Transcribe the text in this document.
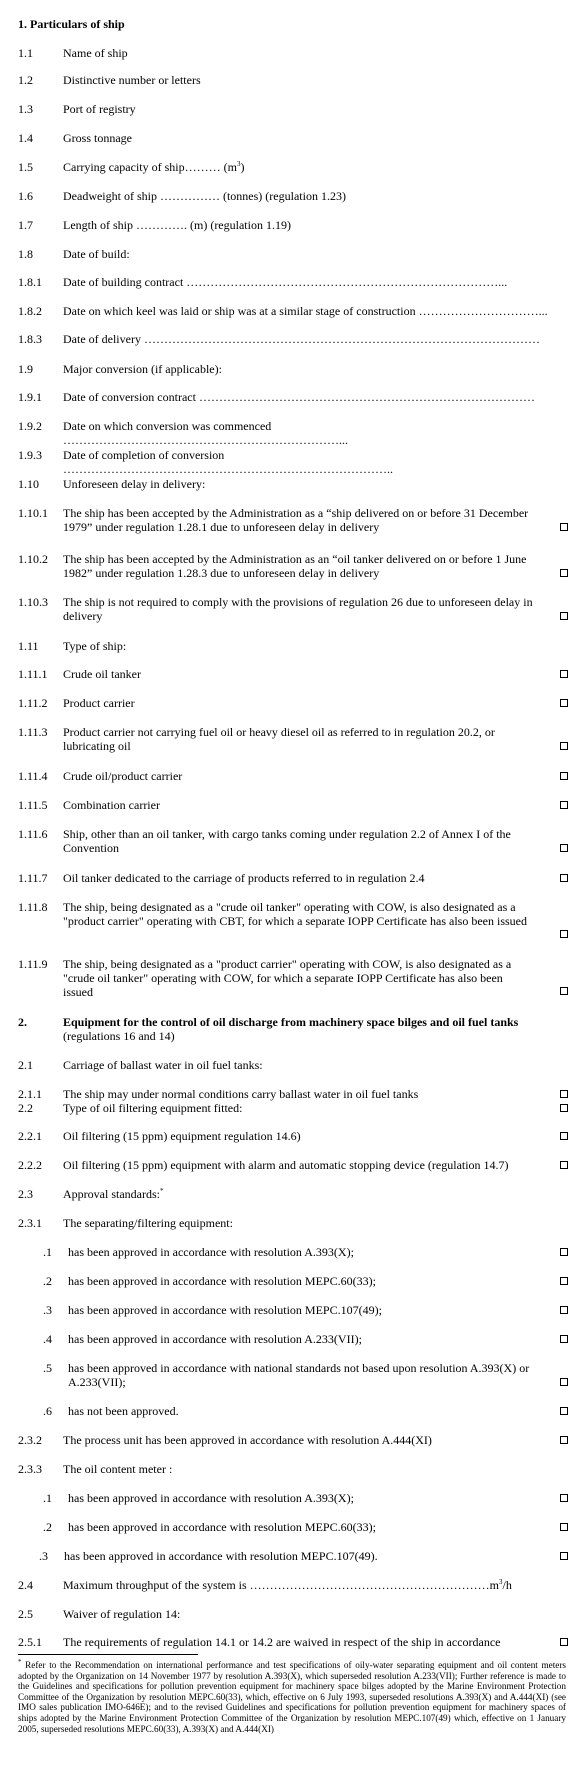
1. Particulars of ship
1.1	Name of ship
1.2	Distinctive number or letters
1.3	Port of registry
1.4	Gross tonnage
1.5	Carrying capacity of ship……… $(m^3)$
1.6	Deadweight of ship …………… (tonnes) (regulation 1.23)
1.7	Length of ship …………. (m) (regulation 1.19)
1.8	Date of build:
1.8.1 Date of building contract ……………………………………………………………………...
1.8.2 Date on which keel was laid or ship was at a similar stage of construction …………………………...
1.8.3 Date of delivery ………………………………………………………………………………………
1.9	Major conversion (if applicable):
1.9.1 Date of conversion contract …………………………………………………………………………
1.9.2 Date on which conversion was commenced ……………………………………………………………...
1.9.3 Date of completion of conversion ………………………………………………………………………..
1.10 Unforeseen delay in delivery:
1.10.1 The ship has been accepted by the Administration as a “ship delivered on or before 31 December 1979” under regulation 1.28.1 due to unforeseen delay in delivery
1.10.2 The ship has been accepted by the Administration as an “oil tanker delivered on or before 1 June 1982” under regulation 1.28.3 due to unforeseen delay in delivery
1.10.3 The ship is not required to comply with the provisions of regulation 26 due to unforeseen delay in delivery
1.11 Type of ship:
1.11.1 Crude oil tanker
1.11.2 Product carrier
1.11.3 Product carrier not carrying fuel oil or heavy diesel oil as referred to in regulation 20.2, or lubricating oil
1.11.4 Crude oil/product carrier
1.11.5 Combination carrier
1.11.6 Ship, other than an oil tanker, with cargo tanks coming under regulation 2.2 of Annex I of the Convention
1.11.7 Oil tanker dedicated to the carriage of products referred to in regulation 2.4
1.11.8 The ship, being designated as a "crude oil tanker" operating with COW, is also designated as a "product carrier" operating with CBT, for which a separate IOPP Certificate has also been issued
1.11.9 The ship, being designated as a "product carrier" operating with COW, is also designated as a "crude oil tanker" operating with COW, for which a separate IOPP Certificate has also been issued
2.	Equipment for the control of oil discharge from machinery space bilges and oil fuel tanks
(regulations 16 and 14)
2.1	Carriage of ballast water in oil fuel tanks:
2.1.1 The ship may under normal conditions carry ballast water in oil fuel tanks
2.2	Type of oil filtering equipment fitted:
2.2.1 Oil filtering (15 ppm) equipment regulation 14.6)
2.2.2 Oil filtering (15 ppm) equipment with alarm and automatic stopping device (regulation 14.7)
2.3	Approval standards:*
2.3.1 The separating/filtering equipment:
.1 has been approved in accordance with resolution A.393(X);
.2 has been approved in accordance with resolution MEPC.60(33);
.3 has been approved in accordance with resolution MEPC.107(49);
.4 has been approved in accordance with resolution A.233(VII);
.5 has been approved in accordance with national standards not based upon resolution A.393(X) or A.233(VII);
.6 has not been approved.
2.3.2 The process unit has been approved in accordance with resolution A.444(XI)
2.3.3 The oil content meter :
.1 has been approved in accordance with resolution A.393(X);
.2 has been approved in accordance with resolution MEPC.60(33);
.3 has been approved in accordance with resolution MEPC.107(49).
2.4	Maximum throughput of the system is $\dots\dots\dots\dots\dots\dots\dots\dots\dots\dots\dots\dots\dots\dots\dots\dots\dots\dots\dots\dots m^3/h$
2.5	Waiver of regulation 14:
2.5.1 The requirements of regulation 14.1 or 14.2 are waived in respect of the ship in accordance
* Refer to the Recommendation on international performance and test specifications of oily-water separating equipment and oil content meters adopted by the Organization on 14 November 1977 by resolution A.393(X), which superseded resolution A.233(VII); Further reference is made to the Guidelines and specifications for pollution prevention equipment for machinery space bilges adopted by the Marine Environment Protection Committee of the Organization by resolution MEPC.60(33), which, effective on 6 July 1993, superseded resolutions A.393(X) and A.444(XI) (see IMO sales publication IMO-646E); and to the revised Guidelines and specifications for pollution prevention equipment for machinery spaces of ships adopted by the Marine Environment Protection Committee of the Organization by resolution MEPC.107(49) which, effective on 1 January 2005, superseded resolutions MEPC.60(33), A.393(X) and A.444(XI)
